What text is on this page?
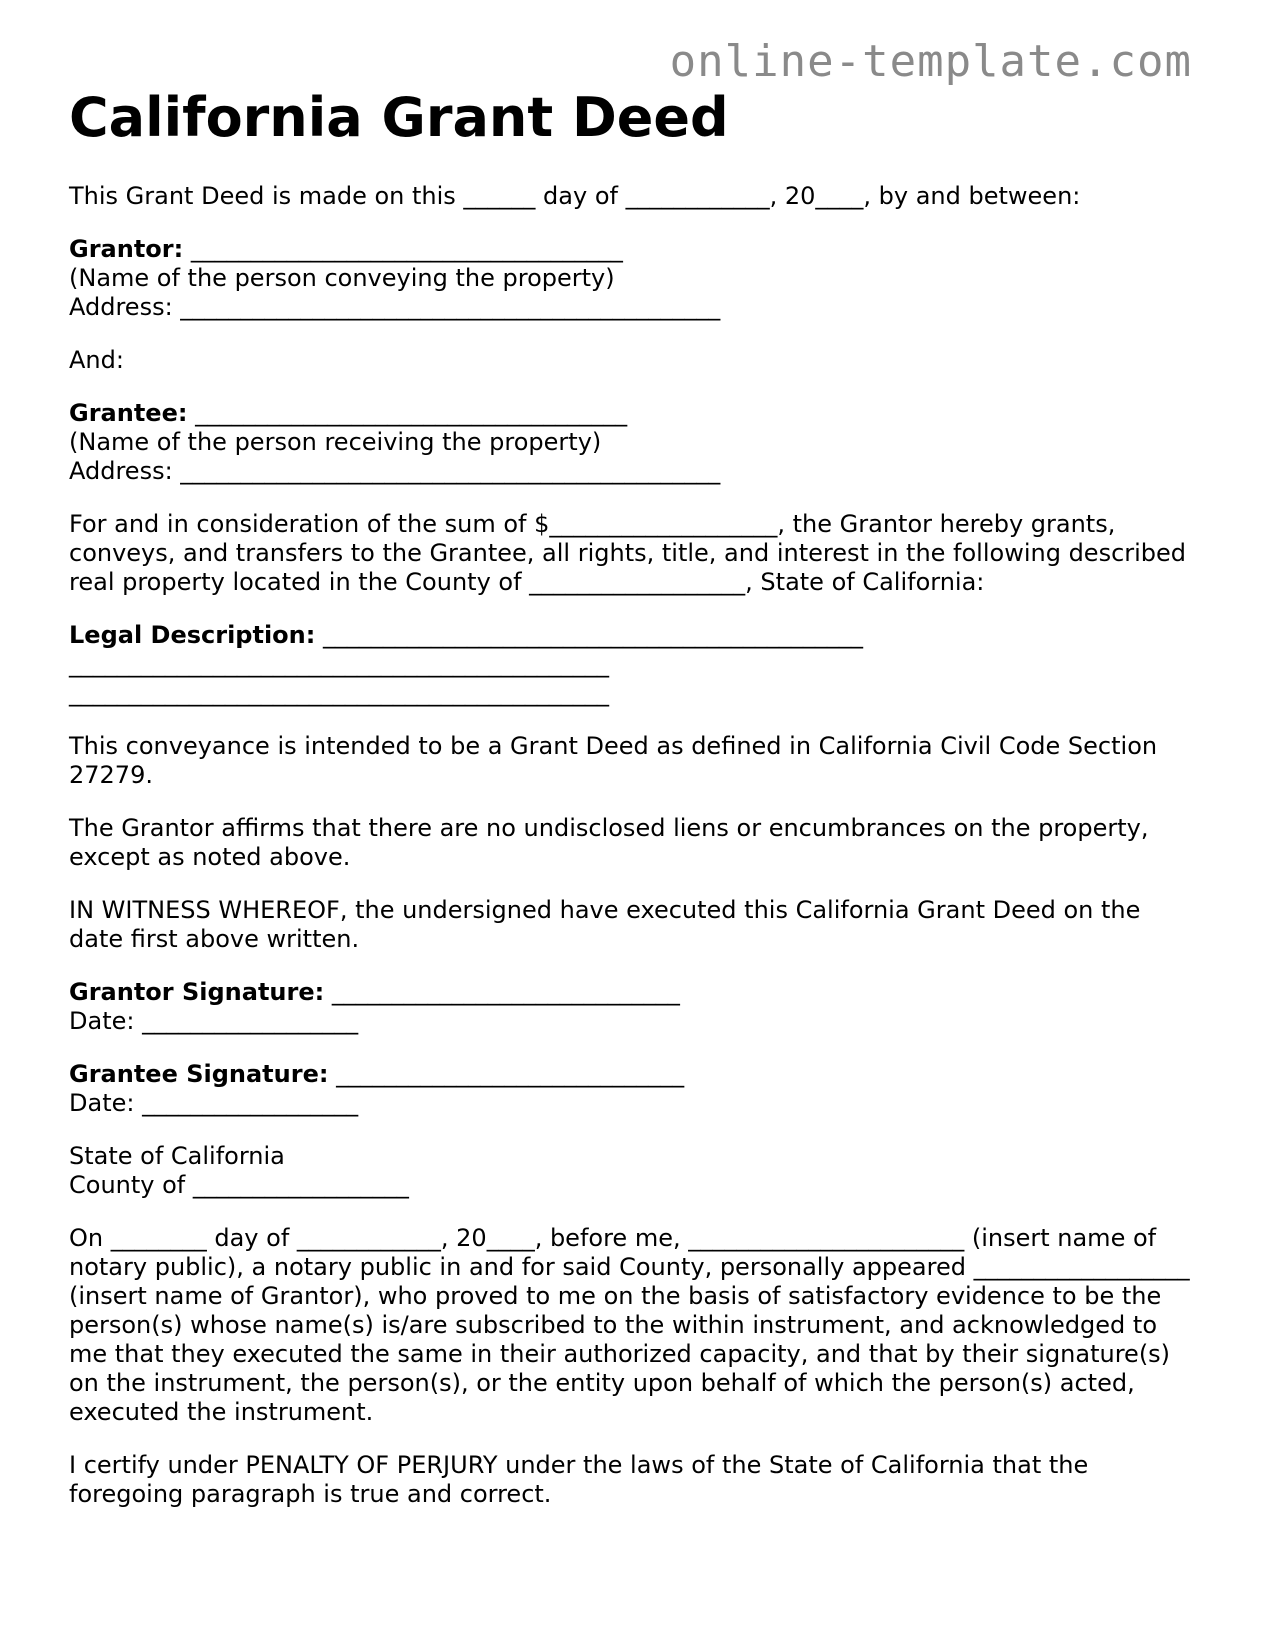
online-template.com
California Grant Deed

This Grant Deed is made on this ______ day of ____________, 20____, by and between:

Grantor: ____________________________________
(Name of the person conveying the property)
Address: _____________________________________________

And:

Grantee: ____________________________________
(Name of the person receiving the property)
Address: _____________________________________________

For and in consideration of the sum of $___________________, the Grantor hereby grants, conveys, and transfers to the Grantee, all rights, title, and interest in the following described real property located in the County of __________________, State of California:

Legal Description: _____________________________________________
_____________________________________________
_____________________________________________

This conveyance is intended to be a Grant Deed as defined in California Civil Code Section 27279.

The Grantor affirms that there are no undisclosed liens or encumbrances on the property, except as noted above.

IN WITNESS WHEREOF, the undersigned have executed this California Grant Deed on the date first above written.

Grantor Signature: _____________________________
Date: __________________

Grantee Signature: _____________________________
Date: __________________

State of California
County of __________________

On ________ day of ____________, 20____, before me, _______________________ (insert name of notary public), a notary public in and for said County, personally appeared __________________ (insert name of Grantor), who proved to me on the basis of satisfactory evidence to be the person(s) whose name(s) is/are subscribed to the within instrument, and acknowledged to me that they executed the same in their authorized capacity, and that by their signature(s) on the instrument, the person(s), or the entity upon behalf of which the person(s) acted, executed the instrument.

I certify under PENALTY OF PERJURY under the laws of the State of California that the foregoing paragraph is true and correct.
